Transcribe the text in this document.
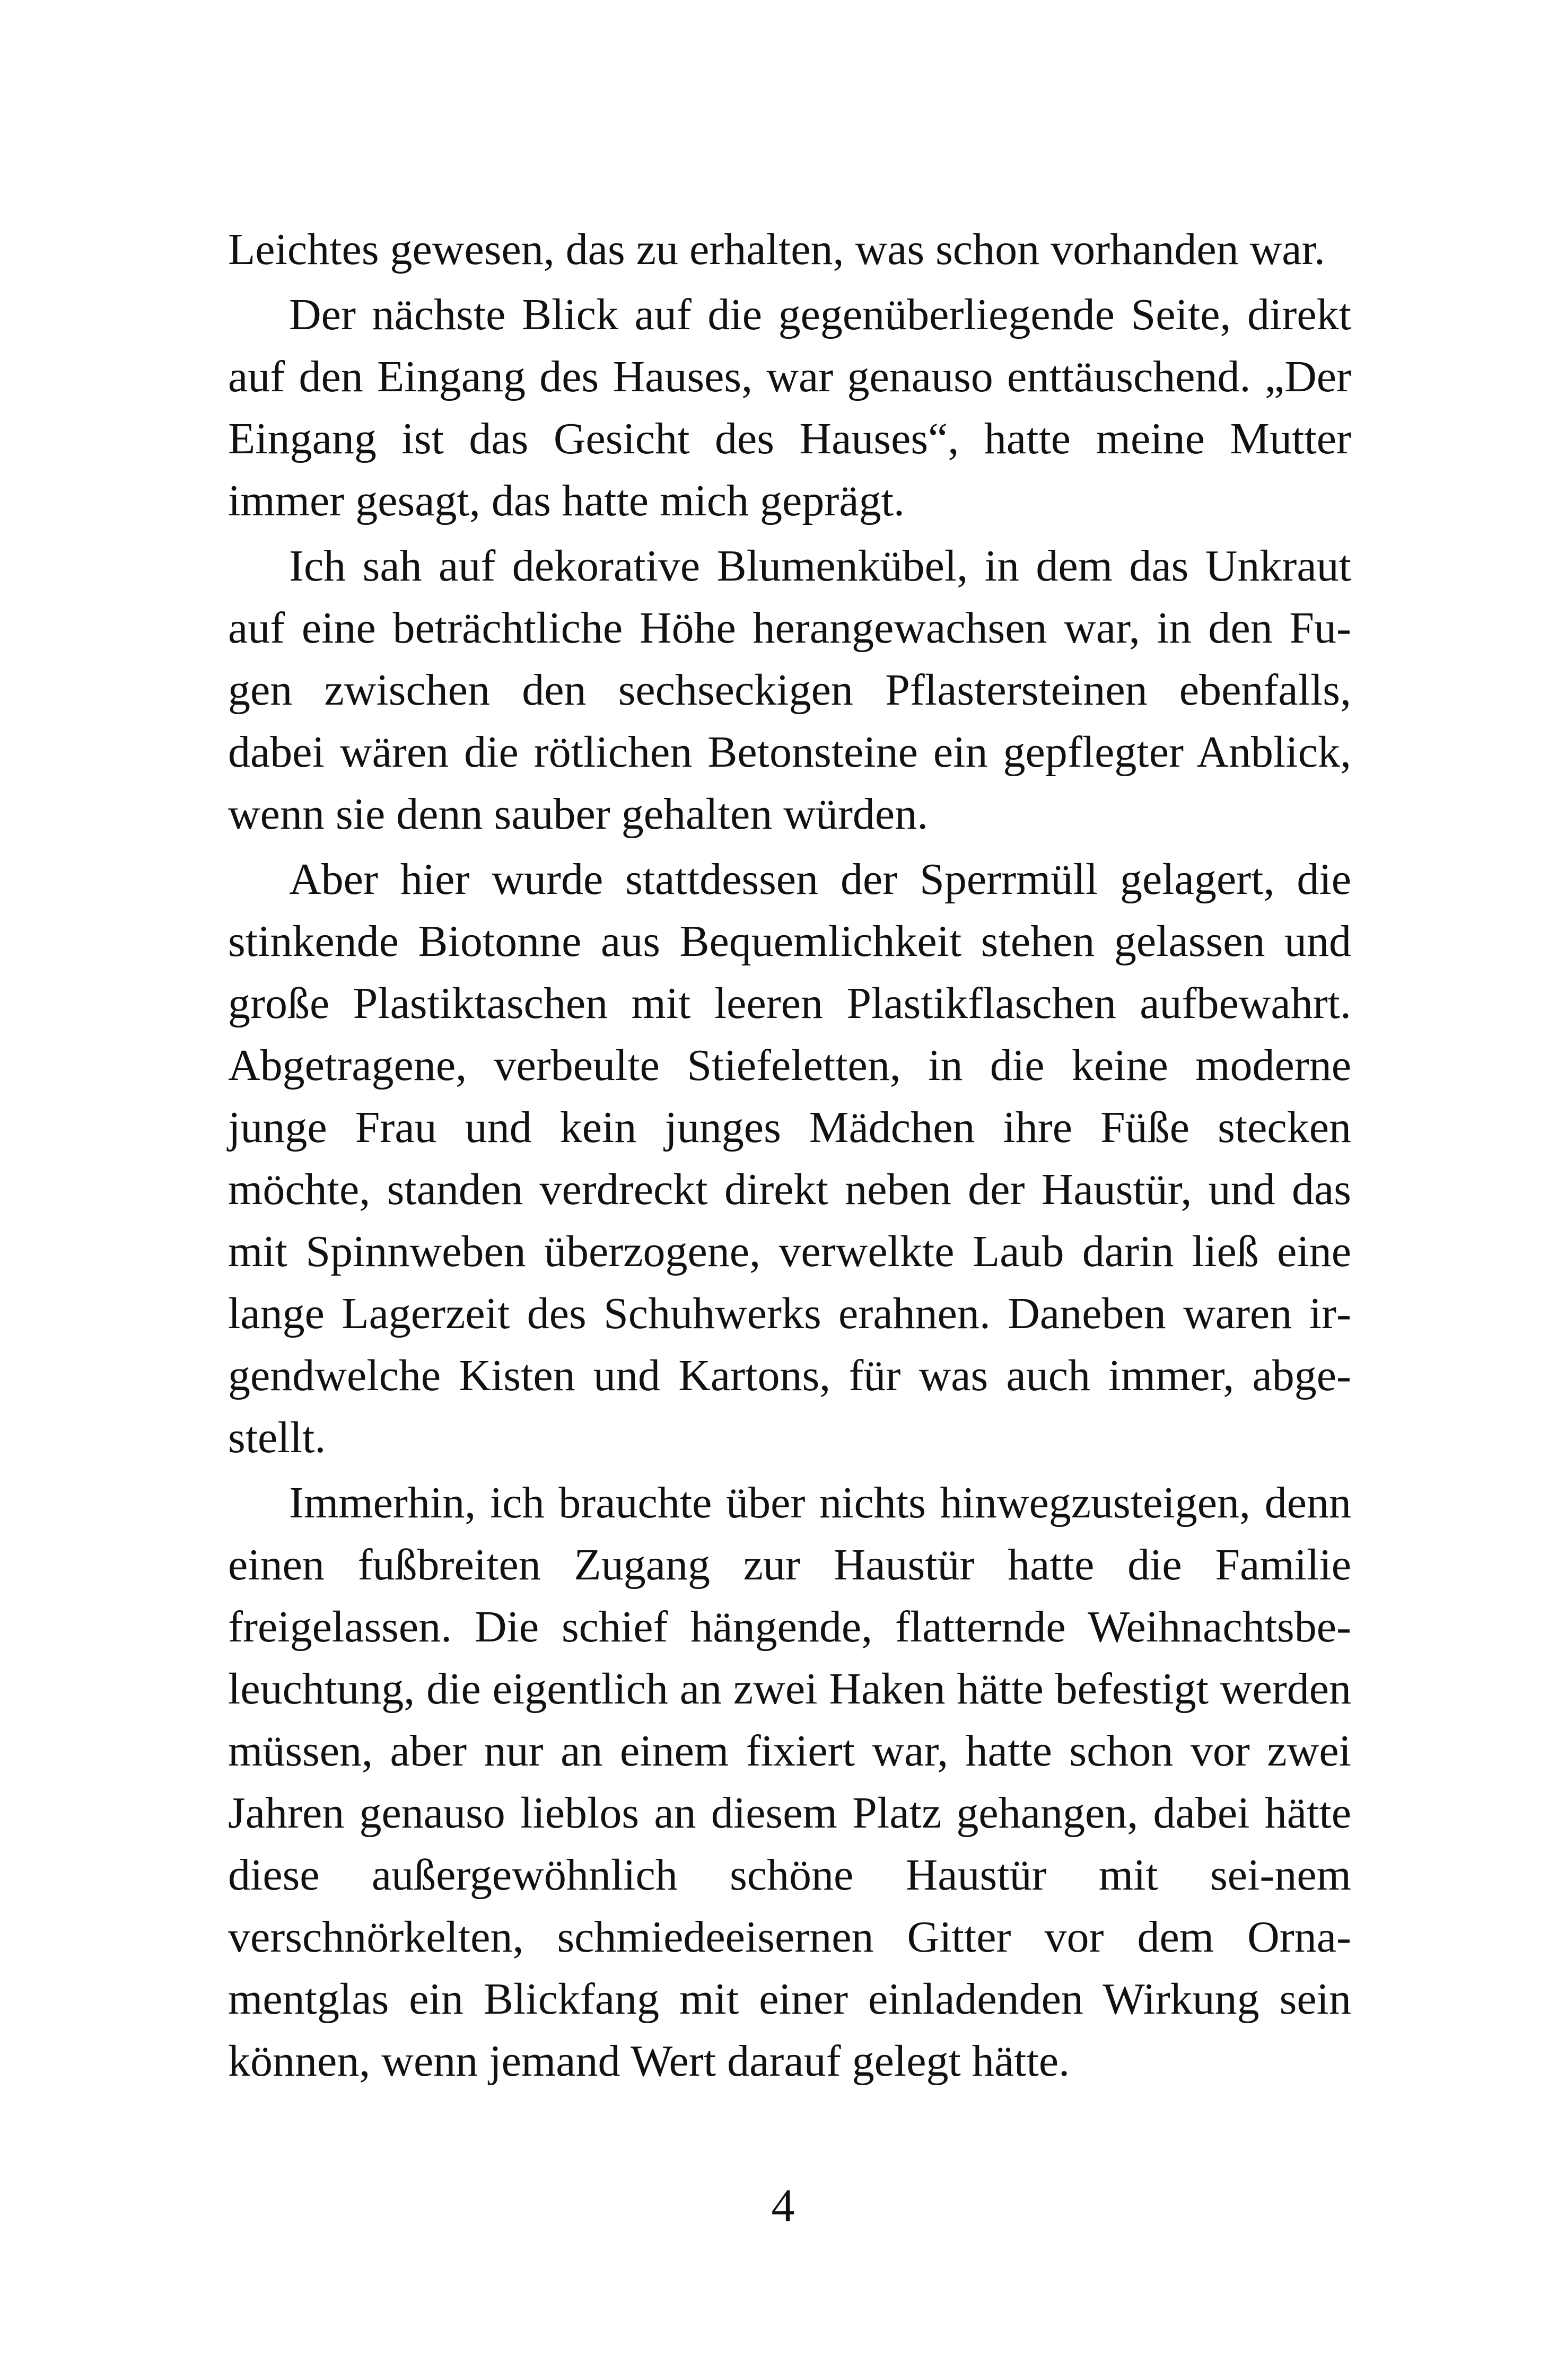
Leichtes gewesen, das zu erhalten, was schon vorhanden war.

Der nächste Blick auf die gegenüberliegende Seite, direkt auf den Eingang des Hauses, war genauso enttäuschend. „Der Eingang ist das Gesicht des Hauses“, hatte meine Mutter immer gesagt, das hatte mich geprägt.

Ich sah auf dekorative Blumenkübel, in dem das Unkraut auf eine beträchtliche Höhe herangewachsen war, in den Fugen zwischen den sechseckigen Pflastersteinen ebenfalls, dabei wären die rötlichen Betonsteine ein gepflegter Anblick, wenn sie denn sauber gehalten würden.

Aber hier wurde stattdessen der Sperrmüll gelagert, die stinkende Biotonne aus Bequemlichkeit stehen gelassen und große Plastiktaschen mit leeren Plastikflaschen aufbewahrt. Abgetragene, verbeulte Stiefeletten, in die keine moderne junge Frau und kein junges Mädchen ihre Füße stecken möchte, standen verdreckt direkt neben der Haustür, und das mit Spinnweben überzogene, verwelkte Laub darin ließ eine lange Lagerzeit des Schuhwerks erahnen. Daneben waren irgendwelche Kisten und Kartons, für was auch immer, abgestellt.

Immerhin, ich brauchte über nichts hinwegzusteigen, denn einen fußbreiten Zugang zur Haustür hatte die Familie freigelassen. Die schief hängende, flatternde Weihnachtsbeleuchtung, die eigentlich an zwei Haken hätte befestigt werden müssen, aber nur an einem fixiert war, hatte schon vor zwei Jahren genauso lieblos an diesem Platz gehangen, dabei hätte diese außergewöhnlich schöne Haustür mit sei-nem verschnörkelten, schmiedeeisernen Gitter vor dem Ornamentglas ein Blickfang mit einer einladenden Wirkung sein können, wenn jemand Wert darauf gelegt hätte.

4
